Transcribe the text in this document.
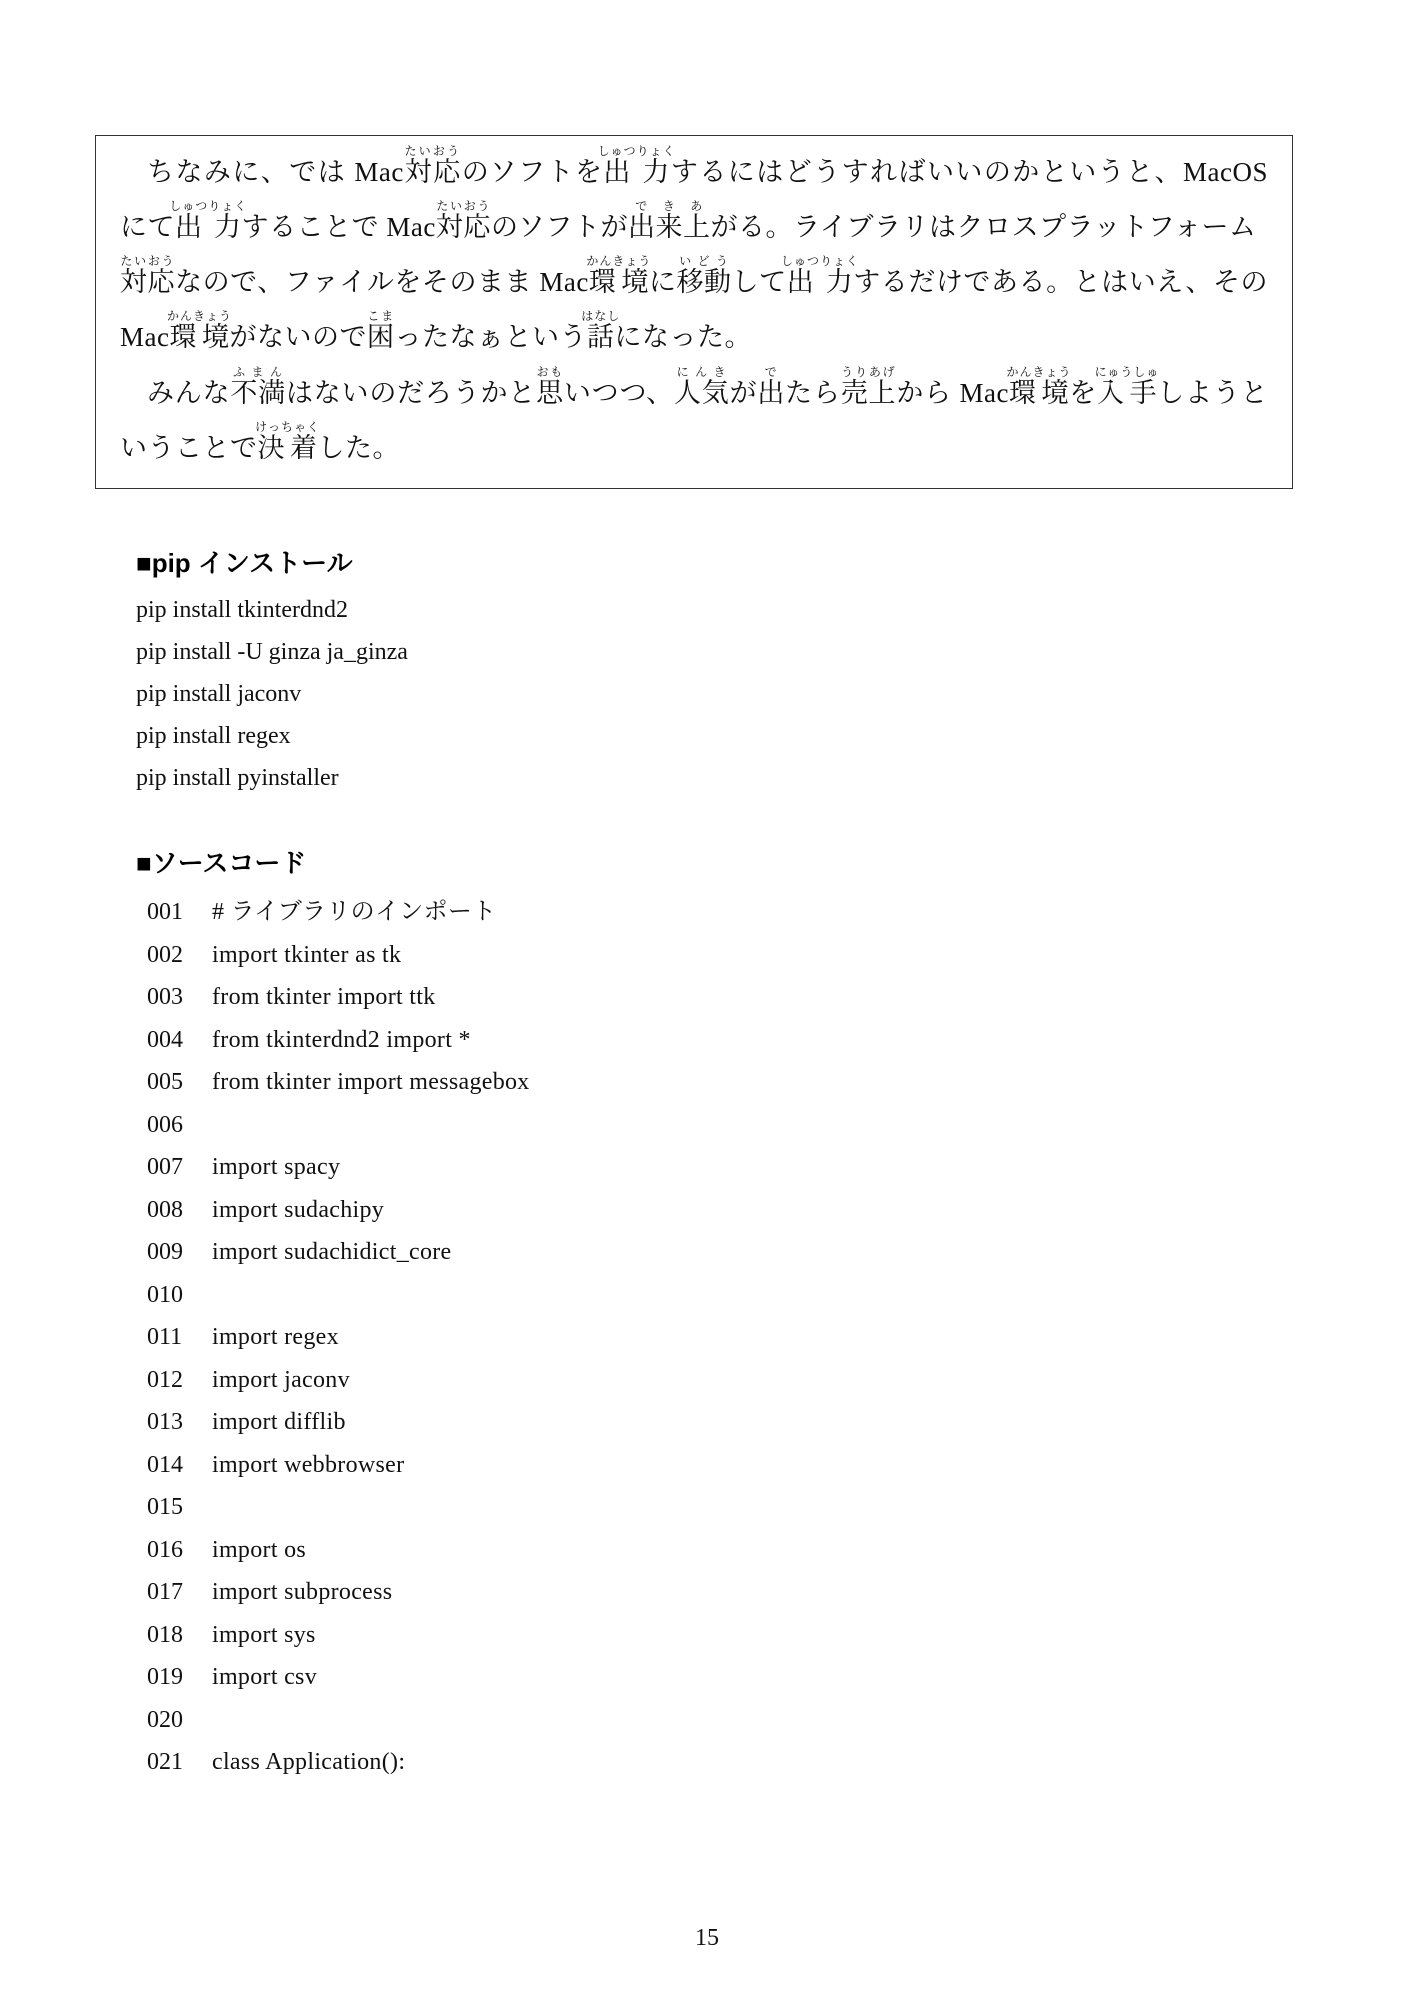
ちなみに、では Mac対応たいおうのソフトを出力しゅつりょくするにはどうすればいいのかというと、MacOS にて出力しゅつりょくすることで Mac対応たいおうのソフトが出来上できあがる。ライブラリはクロスプラットフォーム対応たいおうなので、ファイルをそのまま Mac環境かんきょうに移動いどうして出力しゅつりょくするだけである。とはいえ、その Mac環境かんきょうがないので困こまったなぁという話はなしになった。

みんな不満ふまんはないのだろうかと思おもいつつ、人気にんきが出でたら売上うりあげから Mac環境かんきょうを入手にゅうしゅしようということで決着けっちゃくした。

■pip インストール
pip install tkinterdnd2
pip install -U ginza ja_ginza
pip install jaconv
pip install regex
pip install pyinstaller
■ソースコード
001	# ライブラリのインポート
002	import tkinter as tk
003	from tkinter import ttk
004	from tkinterdnd2 import *
005	from tkinter import messagebox
006
007	import spacy
008	import sudachipy
009	import sudachidict_core
010
011	import regex
012	import jaconv
013	import difflib
014	import webbrowser
015
016	import os
017	import subprocess
018	import sys
019	import csv
020
021	class Application():
15
